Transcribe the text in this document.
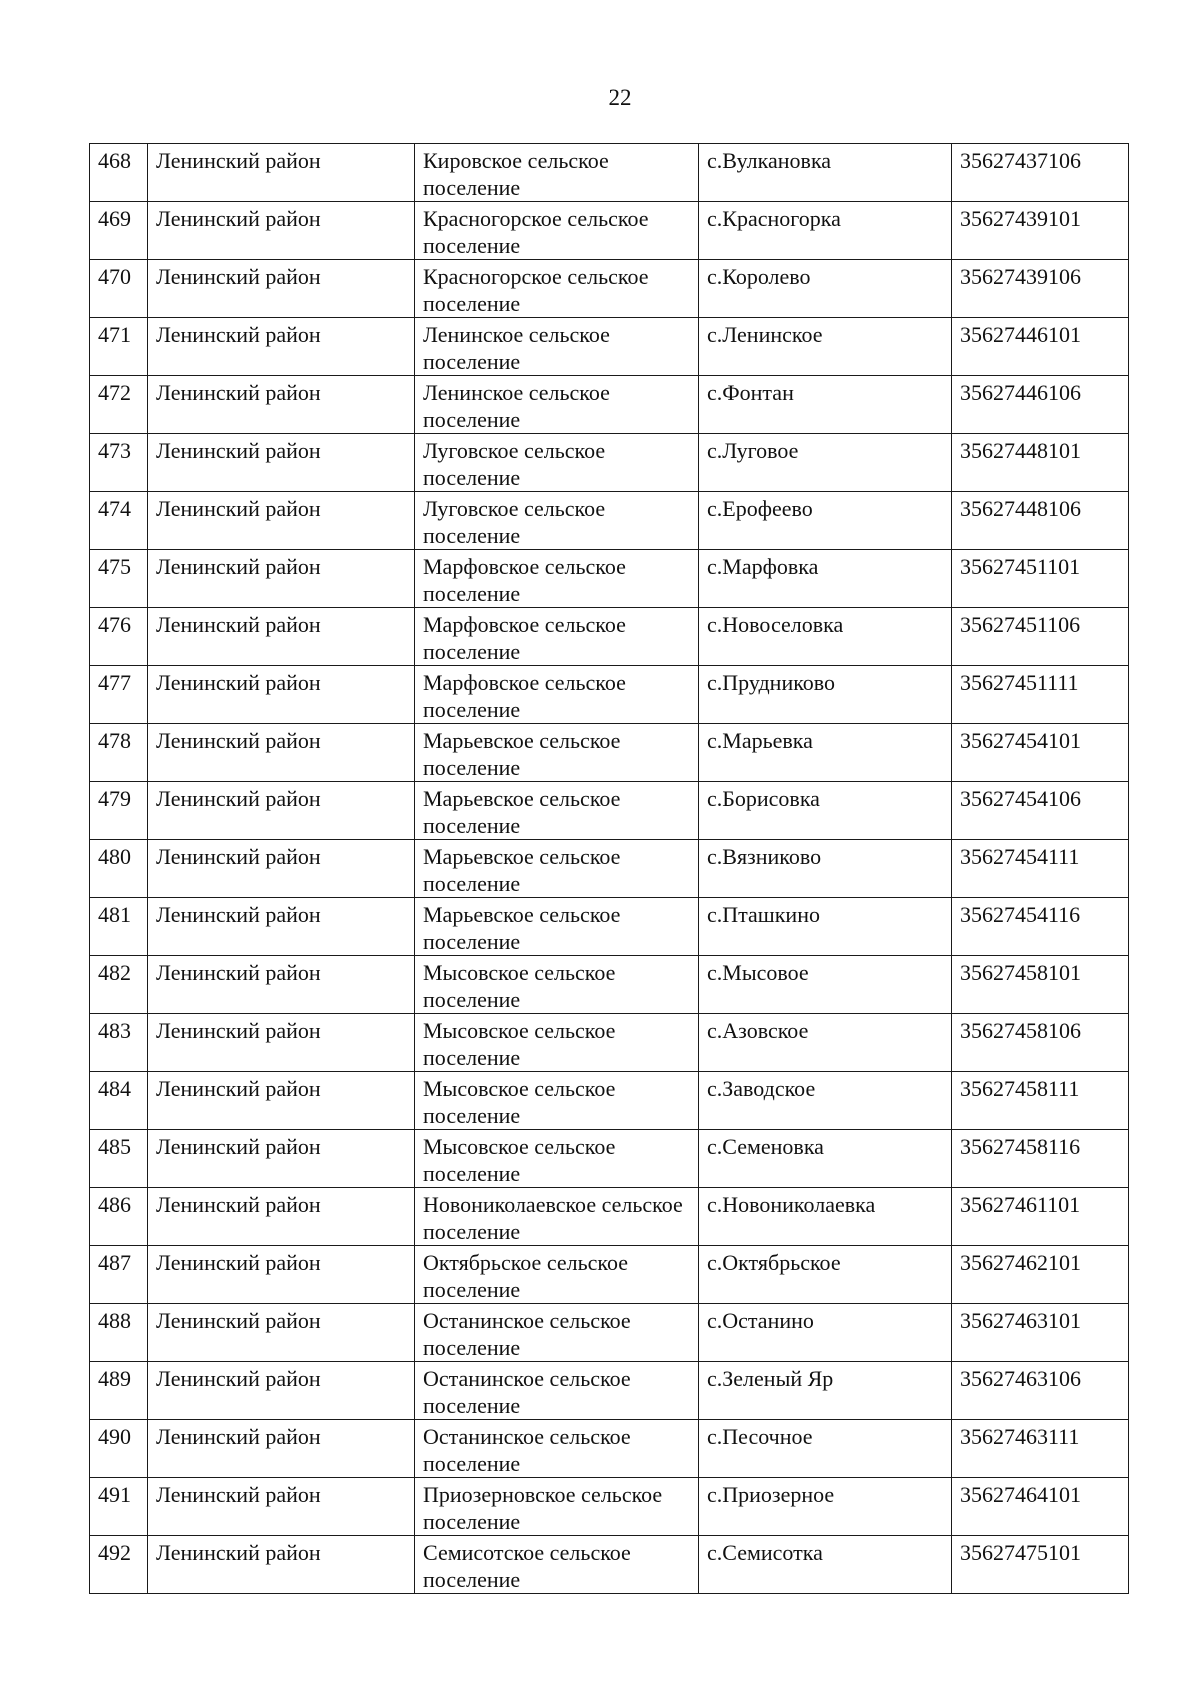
22
468	Ленинский район	Кировское сельское поселение	с.Вулкановка	35627437106
469	Ленинский район	Красногорское сельское поселение	с.Красногорка	35627439101
470	Ленинский район	Красногорское сельское поселение	с.Королево	35627439106
471	Ленинский район	Ленинское сельское поселение	с.Ленинское	35627446101
472	Ленинский район	Ленинское сельское поселение	с.Фонтан	35627446106
473	Ленинский район	Луговское сельское поселение	с.Луговое	35627448101
474	Ленинский район	Луговское сельское поселение	с.Ерофеево	35627448106
475	Ленинский район	Марфовское сельское поселение	с.Марфовка	35627451101
476	Ленинский район	Марфовское сельское поселение	с.Новоселовка	35627451106
477	Ленинский район	Марфовское сельское поселение	с.Прудниково	35627451111
478	Ленинский район	Марьевское сельское поселение	с.Марьевка	35627454101
479	Ленинский район	Марьевское сельское поселение	с.Борисовка	35627454106
480	Ленинский район	Марьевское сельское поселение	с.Вязниково	35627454111
481	Ленинский район	Марьевское сельское поселение	с.Пташкино	35627454116
482	Ленинский район	Мысовское сельское поселение	с.Мысовое	35627458101
483	Ленинский район	Мысовское сельское поселение	с.Азовское	35627458106
484	Ленинский район	Мысовское сельское поселение	с.Заводское	35627458111
485	Ленинский район	Мысовское сельское поселение	с.Семеновка	35627458116
486	Ленинский район	Новониколаевское сельское поселение	с.Новониколаевка	35627461101
487	Ленинский район	Октябрьское сельское поселение	с.Октябрьское	35627462101
488	Ленинский район	Останинское сельское поселение	с.Останино	35627463101
489	Ленинский район	Останинское сельское поселение	с.Зеленый Яр	35627463106
490	Ленинский район	Останинское сельское поселение	с.Песочное	35627463111
491	Ленинский район	Приозерновское сельское поселение	с.Приозерное	35627464101
492	Ленинский район	Семисотское сельское поселение	с.Семисотка	35627475101
